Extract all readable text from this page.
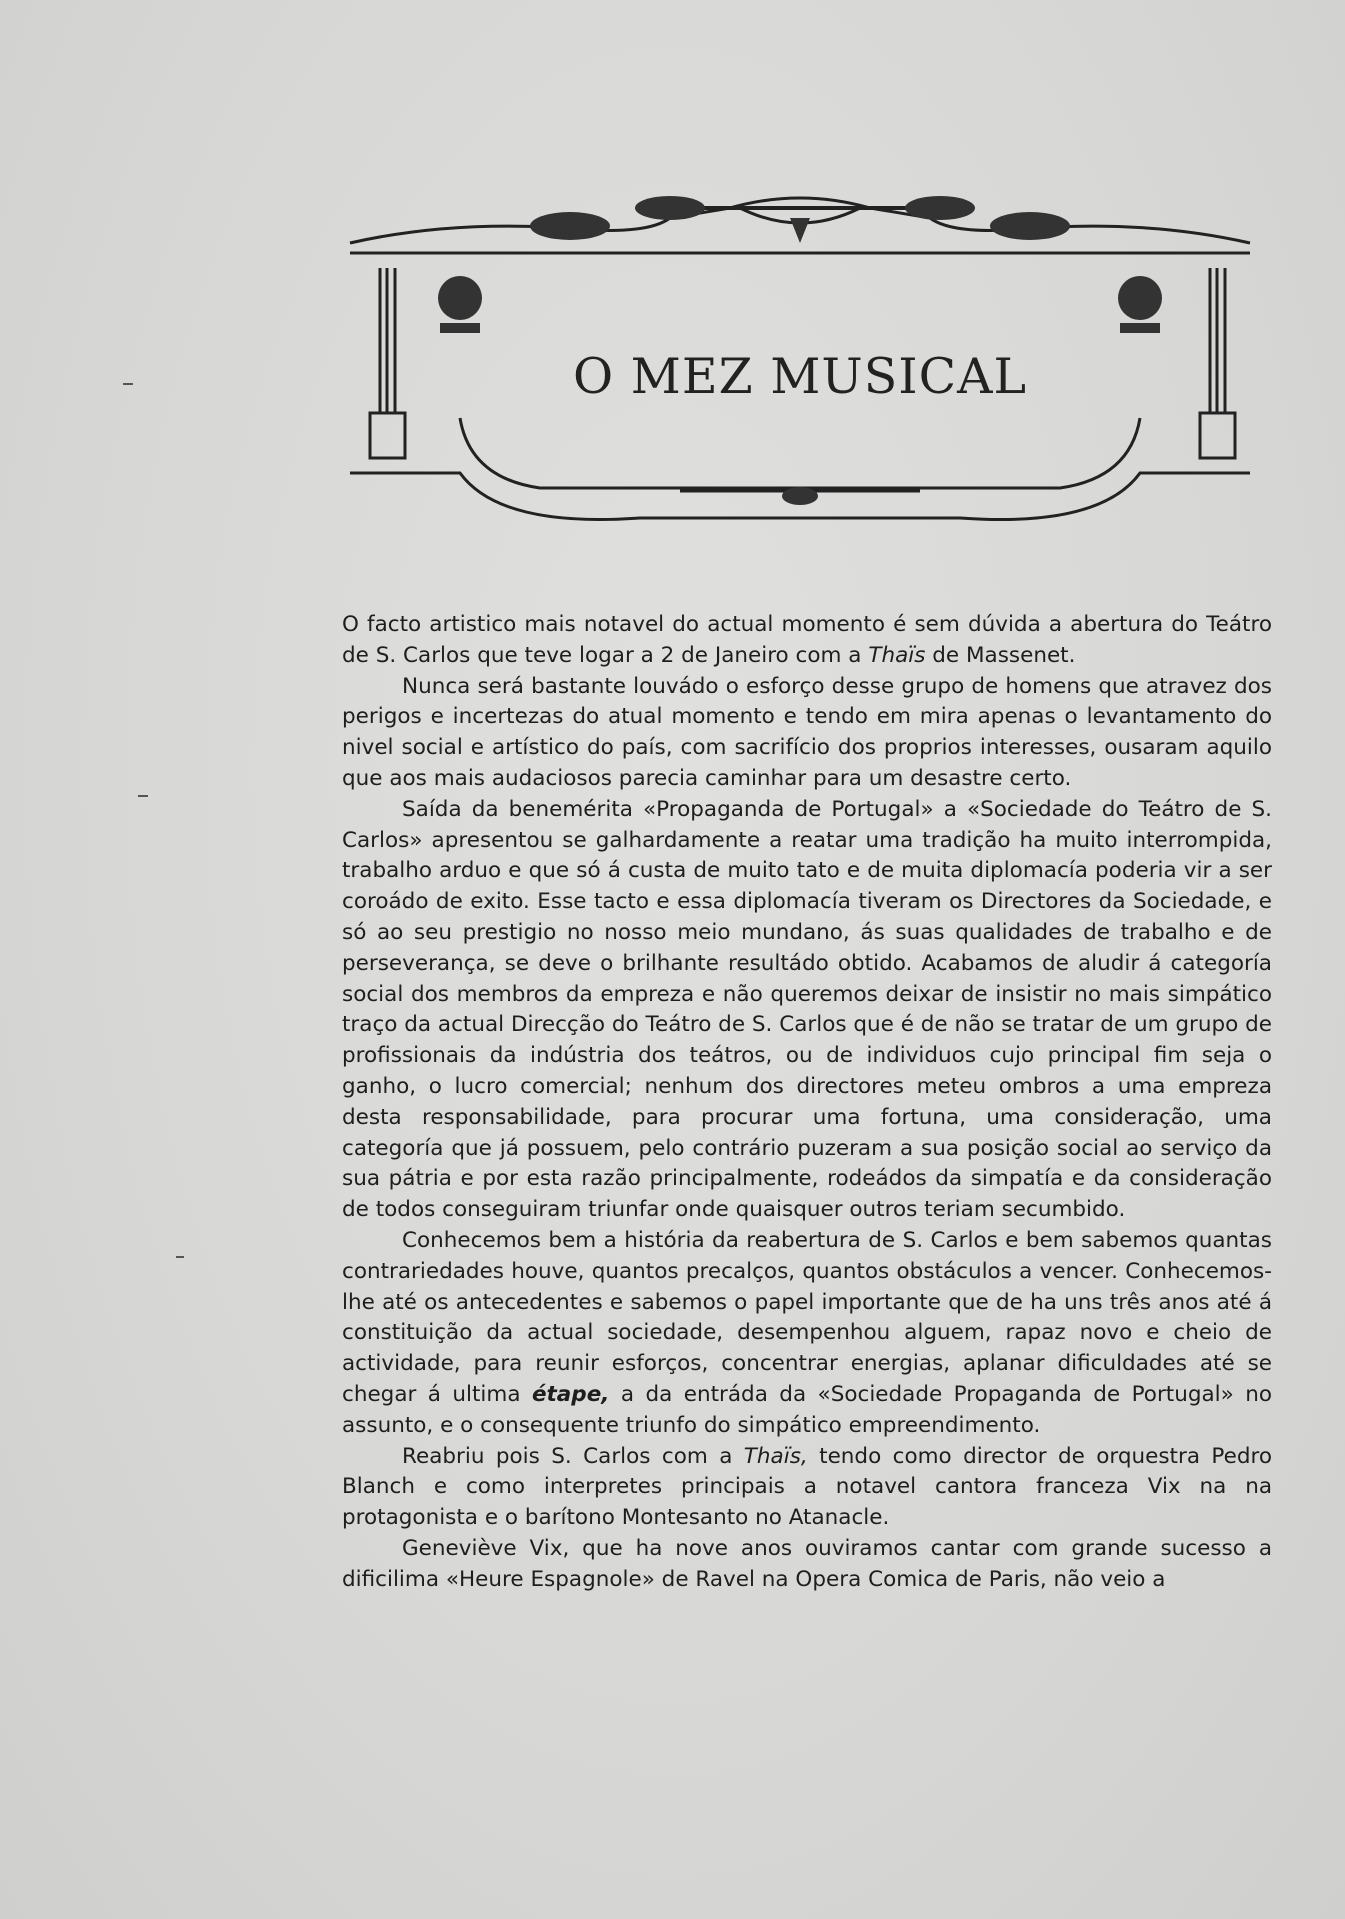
O MEZ MUSICAL

O facto artistico mais notavel do actual momento é sem dúvida a abertura do Teátro de S. Carlos que teve logar a 2 de Janeiro com a Thaïs de Massenet.

Nunca será bastante louvádo o esforço desse grupo de homens que atravez dos perigos e incertezas do atual momento e tendo em mira apenas o levantamento do nivel social e artístico do país, com sacrifício dos proprios interesses, ousaram aquilo que aos mais audaciosos parecia caminhar para um desastre certo.

Saída da benemérita «Propaganda de Portugal» a «Sociedade do Teátro de S. Carlos» apresentou se galhardamente a reatar uma tradição ha muito interrompida, trabalho arduo e que só á custa de muito tato e de muita diplomacía poderia vir a ser coroádo de exito. Esse tacto e essa diplomacía tiveram os Directores da Sociedade, e só ao seu prestigio no nosso meio mundano, ás suas qualidades de trabalho e de perseverança, se deve o brilhante resultádo obtido. Acabamos de aludir á categoría social dos membros da empreza e não queremos deixar de insistir no mais simpático traço da actual Direcção do Teátro de S. Carlos que é de não se tratar de um grupo de profissionais da indústria dos teátros, ou de individuos cujo principal fim seja o ganho, o lucro comercial; nenhum dos directores meteu ombros a uma empreza desta responsabilidade, para procurar uma fortuna, uma consideração, uma categoría que já possuem, pelo contrário puzeram a sua posição social ao serviço da sua pátria e por esta razão principalmente, rodeádos da simpatía e da consideração de todos conseguiram triunfar onde quaisquer outros teriam secumbido.

Conhecemos bem a história da reabertura de S. Carlos e bem sabemos quantas contrariedades houve, quantos precalços, quantos obstáculos a vencer. Conhecemos-lhe até os antecedentes e sabemos o papel importante que de ha uns três anos até á constituição da actual sociedade, desempenhou alguem, rapaz novo e cheio de actividade, para reunir esforços, concentrar energias, aplanar dificuldades até se chegar á ultima étape, a da entráda da «Sociedade Propaganda de Portugal» no assunto, e o consequente triunfo do simpático empreendimento.

Reabriu pois S. Carlos com a Thaïs, tendo como director de orquestra Pedro Blanch e como interpretes principais a notavel cantora franceza Vix na na protagonista e o barítono Montesanto no Atanacle.

Geneviève Vix, que ha nove anos ouviramos cantar com grande sucesso a dificilima «Heure Espagnole» de Ravel na Opera Comica de Paris, não veio a
